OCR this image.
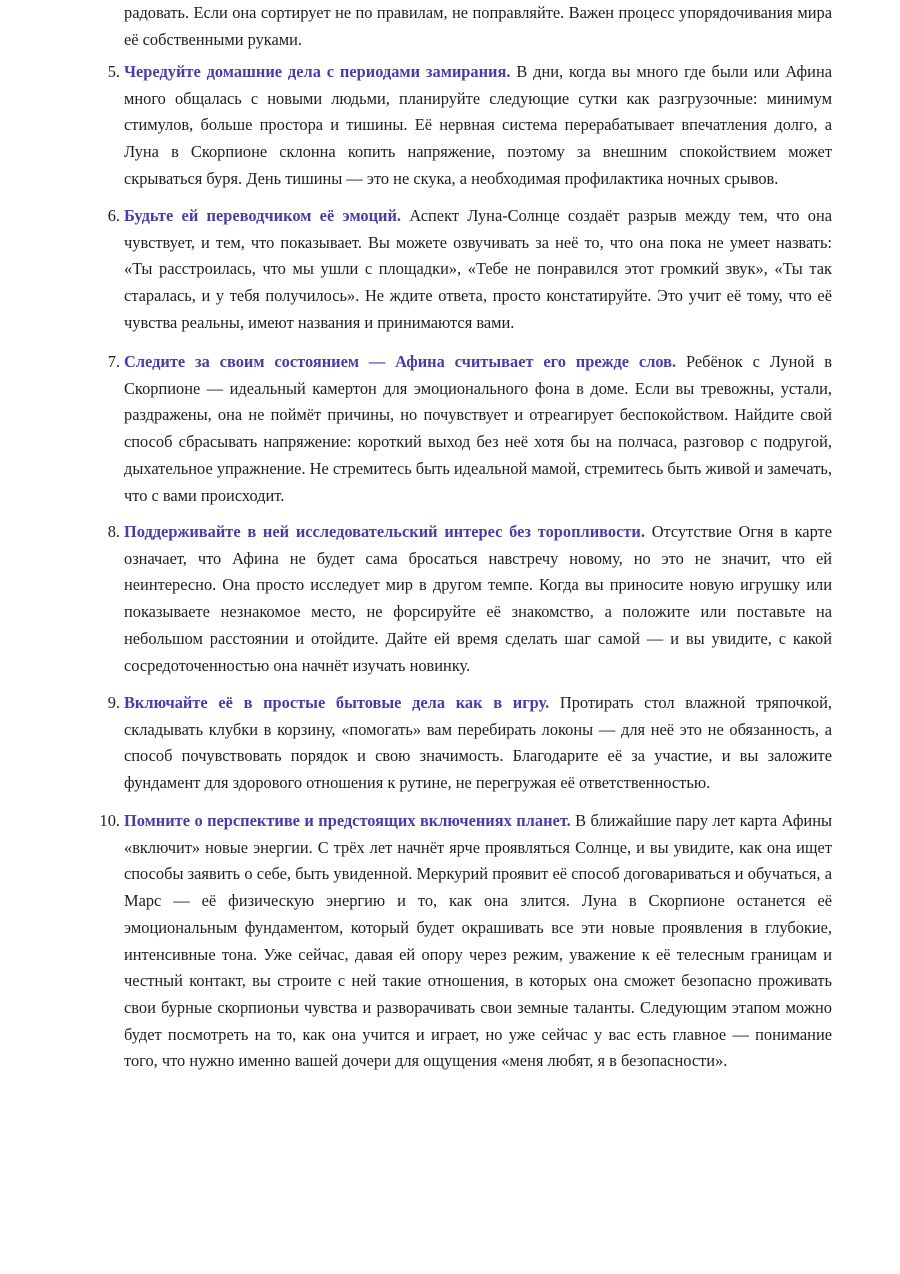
радовать. Если она сортирует не по правилам, не поправляйте. Важен процесс упорядочивания мира её собственными руками.

5. Чередуйте домашние дела с периодами замирания. В дни, когда вы много где были или Афина много общалась с новыми людьми, планируйте следующие сутки как разгрузочные: минимум стимулов, больше простора и тишины. Её нервная система перерабатывает впечатления долго, а Луна в Скорпионе склонна копить напряжение, поэтому за внешним спокойствием может скрываться буря. День тишины — это не скука, а необходимая профилактика ночных срывов.
6. Будьте ей переводчиком её эмоций. Аспект Луна-Солнце создаёт разрыв между тем, что она чувствует, и тем, что показывает. Вы можете озвучивать за неё то, что она пока не умеет назвать: «Ты расстроилась, что мы ушли с площадки», «Тебе не понравился этот громкий звук», «Ты так старалась, и у тебя получилось». Не ждите ответа, просто констатируйте. Это учит её тому, что её чувства реальны, имеют названия и принимаются вами.
7. Следите за своим состоянием — Афина считывает его прежде слов. Ребёнок с Луной в Скорпионе — идеальный камертон для эмоционального фона в доме. Если вы тревожны, устали, раздражены, она не поймёт причины, но почувствует и отреагирует беспокойством. Найдите свой способ сбрасывать напряжение: короткий выход без неё хотя бы на полчаса, разговор с подругой, дыхательное упражнение. Не стремитесь быть идеальной мамой, стремитесь быть живой и замечать, что с вами происходит.
8. Поддерживайте в ней исследовательский интерес без торопливости. Отсутствие Огня в карте означает, что Афина не будет сама бросаться навстречу новому, но это не значит, что ей неинтересно. Она просто исследует мир в другом темпе. Когда вы приносите новую игрушку или показываете незнакомое место, не форсируйте её знакомство, а положите или поставьте на небольшом расстоянии и отойдите. Дайте ей время сделать шаг самой — и вы увидите, с какой сосредоточенностью она начнёт изучать новинку.
9. Включайте её в простые бытовые дела как в игру. Протирать стол влажной тряпочкой, складывать клубки в корзину, «помогать» вам перебирать локоны — для неё это не обязанность, а способ почувствовать порядок и свою значимость. Благодарите её за участие, и вы заложите фундамент для здорового отношения к рутине, не перегружая её ответственностью.
10. Помните о перспективе и предстоящих включениях планет. В ближайшие пару лет карта Афины «включит» новые энергии. С трёх лет начнёт ярче проявляться Солнце, и вы увидите, как она ищет способы заявить о себе, быть увиденной. Меркурий проявит её способ договариваться и обучаться, а Марс — её физическую энергию и то, как она злится. Луна в Скорпионе останется её эмоциональным фундаментом, который будет окрашивать все эти новые проявления в глубокие, интенсивные тона. Уже сейчас, давая ей опору через режим, уважение к её телесным границам и честный контакт, вы строите с ней такие отношения, в которых она сможет безопасно проживать свои бурные скорпионьи чувства и разворачивать свои земные таланты. Следующим этапом можно будет посмотреть на то, как она учится и играет, но уже сейчас у вас есть главное — понимание того, что нужно именно вашей дочери для ощущения «меня любят, я в безопасности».
